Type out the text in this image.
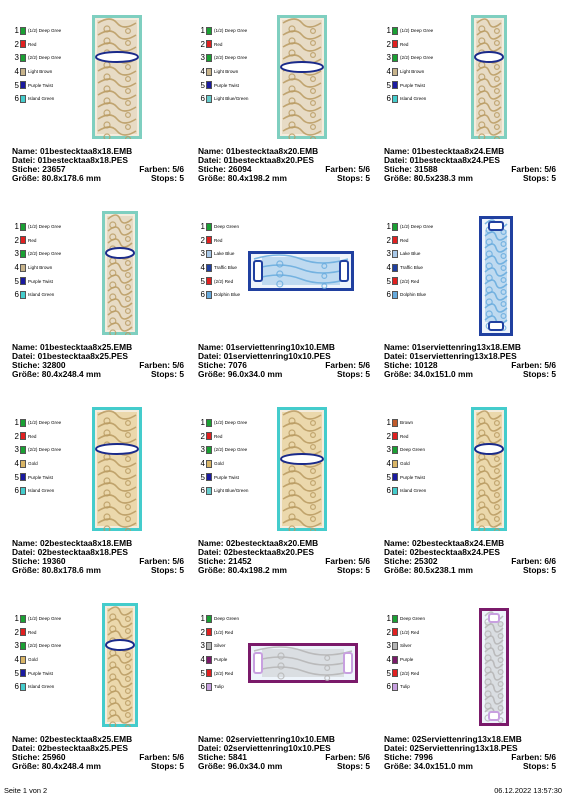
1 (1/2) Deep Gree
2 Red
3 (2/2) Deep Gree
4 Light Brown
5 Purple Twist
6 Island Green
Name: 01bestecktaa8x18.EMB
Datei: 01bestecktaa8x18.PES
Stiche: 23657	Farben: 5/6
Größe: 80.8x178.6 mm	Stops: 5
1 (1/2) Deep Gree
2 Red
3 (2/2) Deep Gree
4 Light Brown
5 Purple Twist
6 Light Blue/Green
Name: 01bestecktaa8x20.EMB
Datei: 01bestecktaa8x20.PES
Stiche: 26094	Farben: 5/6
Größe: 80.4x198.2 mm	Stops: 5
1 (1/2) Deep Gree
2 Red
3 (2/2) Deep Gree
4 Light Brown
5 Purple Twist
6 Island Green
Name: 01bestecktaa8x24.EMB
Datei: 01bestecktaa8x24.PES
Stiche: 31588	Farben: 5/6
Größe: 80.5x238.3 mm	Stops: 5
1 (1/2) Deep Gree
2 Red
3 (2/2) Deep Gree
4 Light Brown
5 Purple Twist
6 Island Green
Name: 01bestecktaa8x25.EMB
Datei: 01bestecktaa8x25.PES
Stiche: 32800	Farben: 5/6
Größe: 80.4x248.4 mm	Stops: 5
1 Deep Green
2 Red
3 Lake Blue
4 Traffic Blue
5 (2/2) Red
6 Dolphin Blue
Name: 01serviettenring10x10.EMB
Datei: 01serviettenring10x10.PES
Stiche: 7076	Farben: 5/6
Größe: 96.0x34.0 mm	Stops: 5
1 (1/2) Deep Gree
2 Red
3 Lake Blue
4 Traffic Blue
5 (2/2) Red
6 Dolphin Blue
Name: 01serviettenring13x18.EMB
Datei: 01serviettenring13x18.PES
Stiche: 10128	Farben: 5/6
Größe: 34.0x151.0 mm	Stops: 5
1 (1/2) Deep Gree
2 Red
3 (2/2) Deep Gree
4 Gold
5 Purple Twist
6 Island Green
Name: 02bestecktaa8x18.EMB
Datei: 02bestecktaa8x18.PES
Stiche: 19360	Farben: 5/6
Größe: 80.8x178.6 mm	Stops: 5
1 (1/2) Deep Gree
2 Red
3 (2/2) Deep Gree
4 Gold
5 Purple Twist
6 Light Blue/Green
Name: 02bestecktaa8x20.EMB
Datei: 02bestecktaa8x20.PES
Stiche: 21452	Farben: 5/6
Größe: 80.4x198.2 mm	Stops: 5
1 Brown
2 Red
3 Deep Green
4 Gold
5 Purple Twist
6 Island Green
Name: 02bestecktaa8x24.EMB
Datei: 02bestecktaa8x24.PES
Stiche: 25302	Farben: 6/6
Größe: 80.5x238.1 mm	Stops: 5
1 (1/2) Deep Gree
2 Red
3 (2/2) Deep Gree
4 Gold
5 Purple Twist
6 Island Green
Name: 02bestecktaa8x25.EMB
Datei: 02bestecktaa8x25.PES
Stiche: 25960	Farben: 5/6
Größe: 80.4x248.4 mm	Stops: 5
1 Deep Green
2 (1/2) Red
3 Silver
4 Purple
5 (2/2) Red
6 Tulip
Name: 02serviettenring10x10.EMB
Datei: 02serviettenring10x10.PES
Stiche: 5841	Farben: 5/6
Größe: 96.0x34.0 mm	Stops: 5
1 Deep Green
2 (1/2) Red
3 Silver
4 Purple
5 (2/2) Red
6 Tulip
Name: 02Serviettenring13x18.EMB
Datei: 02Serviettenring13x18.PES
Stiche: 7996	Farben: 5/6
Größe: 34.0x151.0 mm	Stops: 5
Seite 1 von 2	06.12.2022 13:57:30
